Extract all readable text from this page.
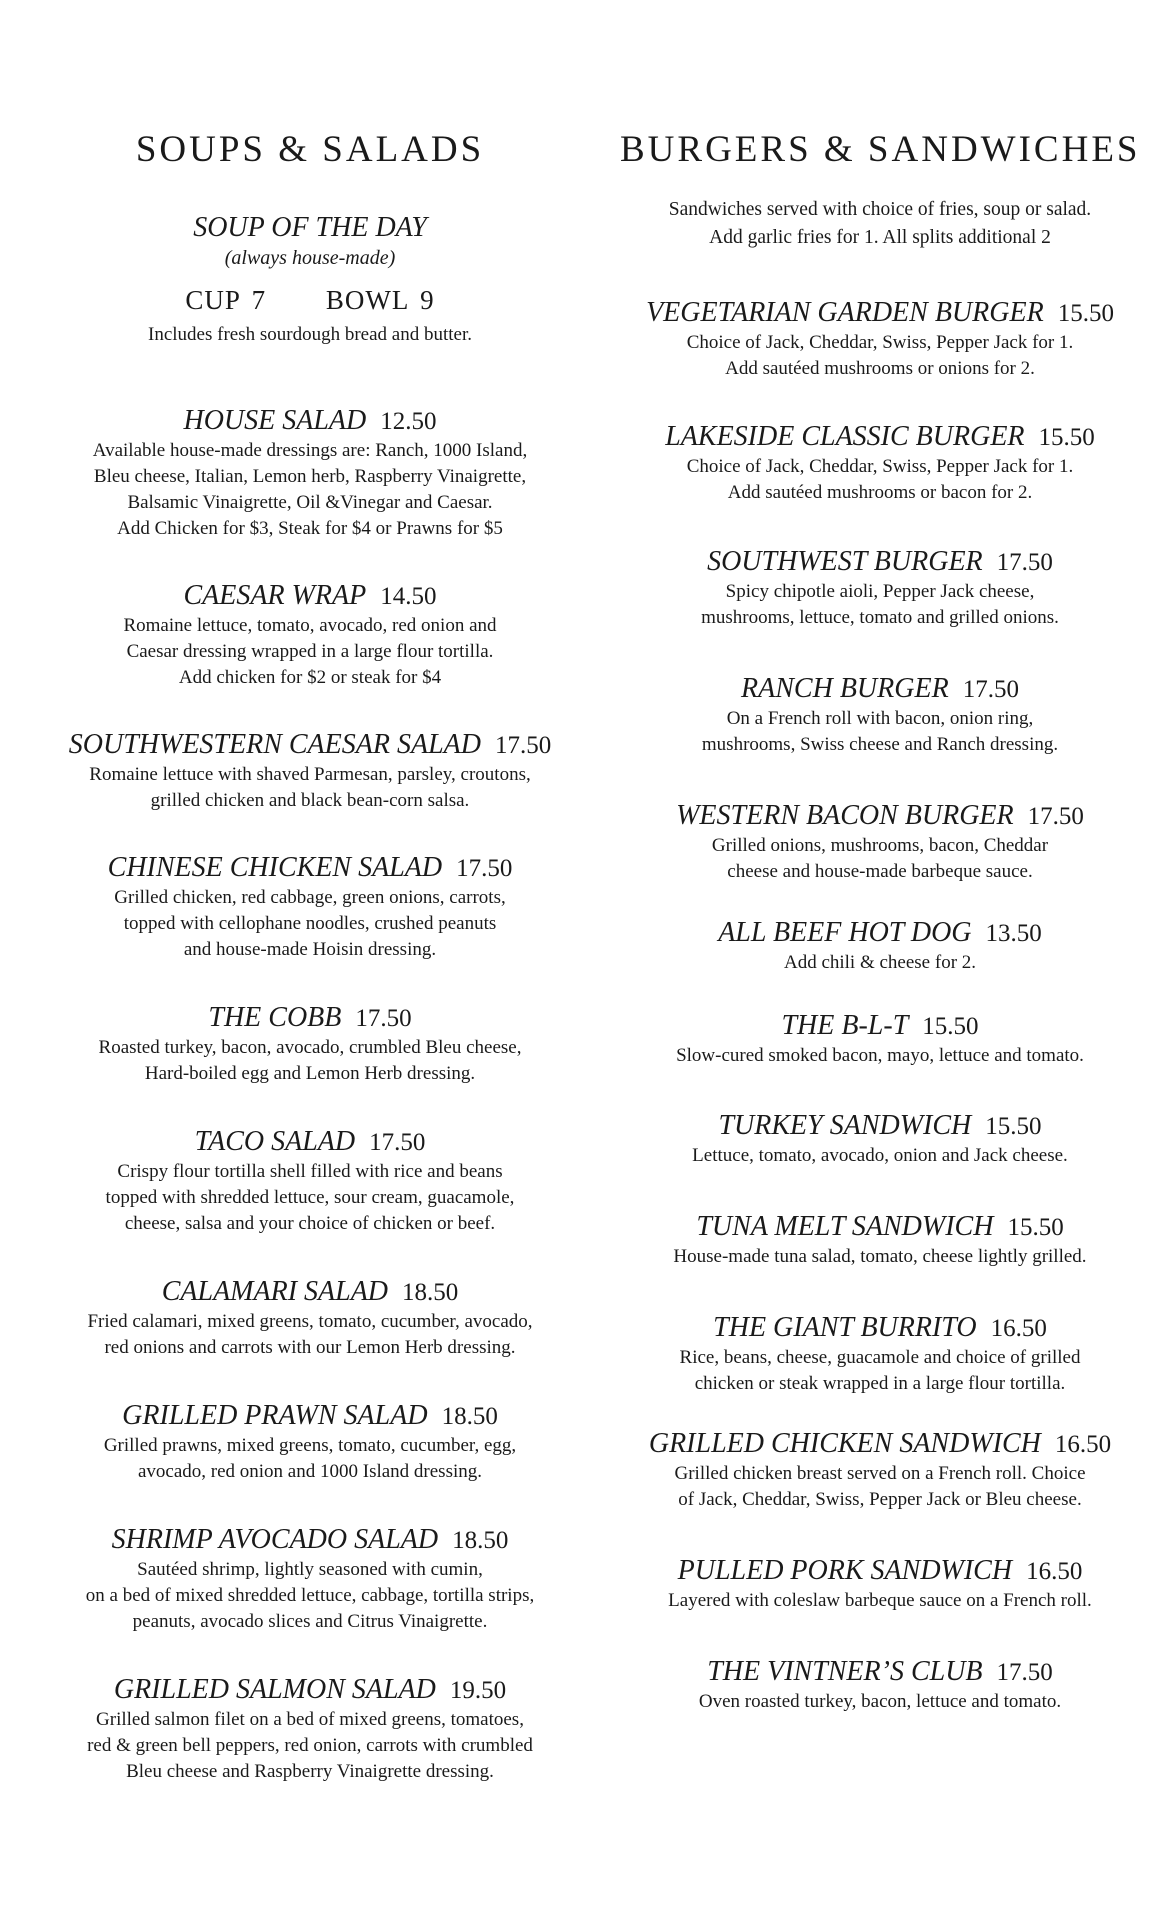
SOUPS & SALADS
SOUP OF THE DAY
(always house-made)
CUP 7 BOWL 9
Includes fresh sourdough bread and butter.
HOUSE SALAD 12.50
Available house-made dressings are: Ranch, 1000 Island,
Bleu cheese, Italian, Lemon herb, Raspberry Vinaigrette,
Balsamic Vinaigrette, Oil &Vinegar and Caesar.
Add Chicken for $3, Steak for $4 or Prawns for $5
CAESAR WRAP 14.50
Romaine lettuce, tomato, avocado, red onion and
Caesar dressing wrapped in a large flour tortilla.
Add chicken for $2 or steak for $4
SOUTHWESTERN CAESAR SALAD 17.50
Romaine lettuce with shaved Parmesan, parsley, croutons,
grilled chicken and black bean-corn salsa.
CHINESE CHICKEN SALAD 17.50
Grilled chicken, red cabbage, green onions, carrots,
topped with cellophane noodles, crushed peanuts
and house-made Hoisin dressing.
THE COBB 17.50
Roasted turkey, bacon, avocado, crumbled Bleu cheese,
Hard-boiled egg and Lemon Herb dressing.
TACO SALAD 17.50
Crispy flour tortilla shell filled with rice and beans
topped with shredded lettuce, sour cream, guacamole,
cheese, salsa and your choice of chicken or beef.
CALAMARI SALAD 18.50
Fried calamari, mixed greens, tomato, cucumber, avocado,
red onions and carrots with our Lemon Herb dressing.
GRILLED PRAWN SALAD 18.50
Grilled prawns, mixed greens, tomato, cucumber, egg,
avocado, red onion and 1000 Island dressing.
SHRIMP AVOCADO SALAD 18.50
Sautéed shrimp, lightly seasoned with cumin,
on a bed of mixed shredded lettuce, cabbage, tortilla strips,
peanuts, avocado slices and Citrus Vinaigrette.
GRILLED SALMON SALAD 19.50
Grilled salmon filet on a bed of mixed greens, tomatoes,
red & green bell peppers, red onion, carrots with crumbled
Bleu cheese and Raspberry Vinaigrette dressing.
BURGERS & SANDWICHES
Sandwiches served with choice of fries, soup or salad.
Add garlic fries for 1. All splits additional 2
VEGETARIAN GARDEN BURGER 15.50
Choice of Jack, Cheddar, Swiss, Pepper Jack for 1.
Add sautéed mushrooms or onions for 2.
LAKESIDE CLASSIC BURGER 15.50
Choice of Jack, Cheddar, Swiss, Pepper Jack for 1.
Add sautéed mushrooms or bacon for 2.
SOUTHWEST BURGER 17.50
Spicy chipotle aioli, Pepper Jack cheese,
mushrooms, lettuce, tomato and grilled onions.
RANCH BURGER 17.50
On a French roll with bacon, onion ring,
mushrooms, Swiss cheese and Ranch dressing.
WESTERN BACON BURGER 17.50
Grilled onions, mushrooms, bacon, Cheddar
cheese and house-made barbeque sauce.
ALL BEEF HOT DOG 13.50
Add chili & cheese for 2.
THE B-L-T 15.50
Slow-cured smoked bacon, mayo, lettuce and tomato.
TURKEY SANDWICH 15.50
Lettuce, tomato, avocado, onion and Jack cheese.
TUNA MELT SANDWICH 15.50
House-made tuna salad, tomato, cheese lightly grilled.
THE GIANT BURRITO 16.50
Rice, beans, cheese, guacamole and choice of grilled
chicken or steak wrapped in a large flour tortilla.
GRILLED CHICKEN SANDWICH 16.50
Grilled chicken breast served on a French roll. Choice
of Jack, Cheddar, Swiss, Pepper Jack or Bleu cheese.
PULLED PORK SANDWICH 16.50
Layered with coleslaw barbeque sauce on a French roll.
THE VINTNER’S CLUB 17.50
Oven roasted turkey, bacon, lettuce and tomato.
